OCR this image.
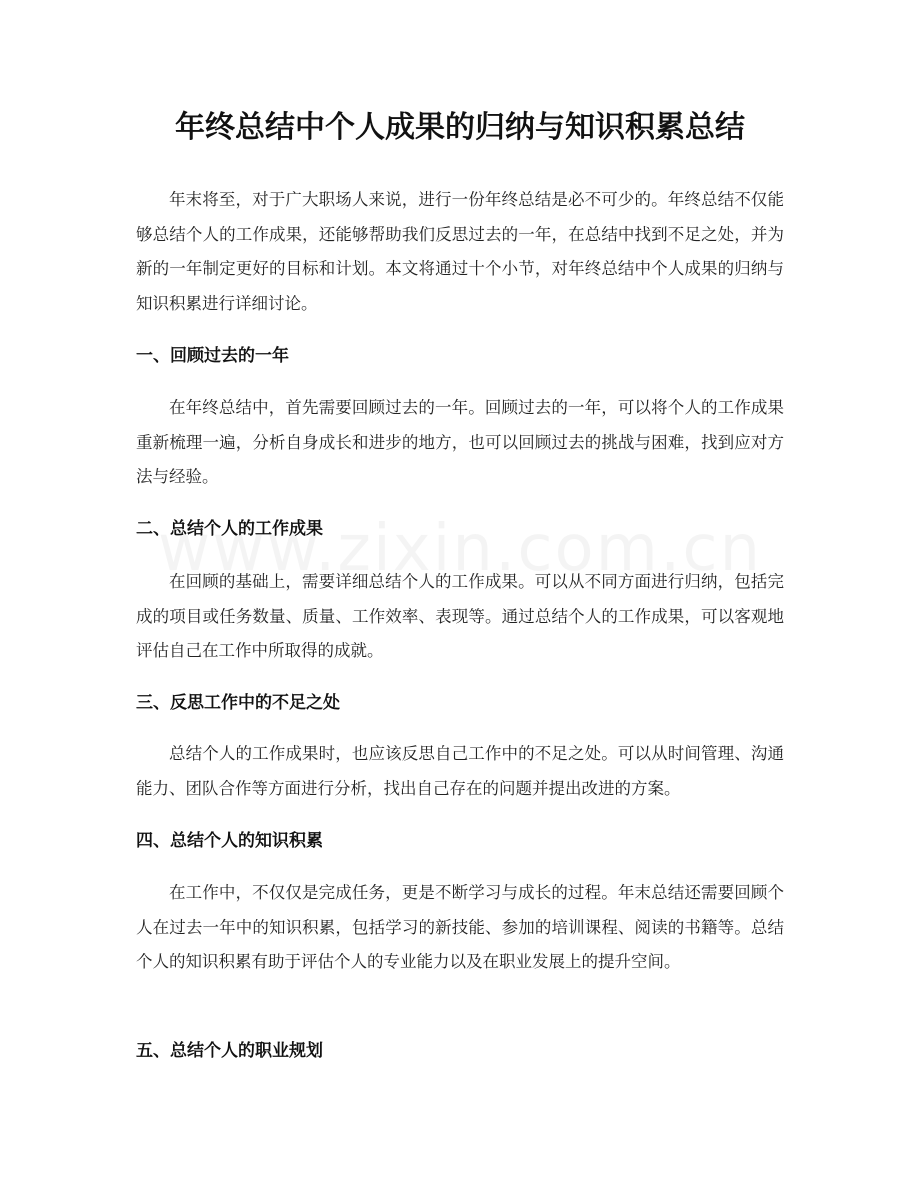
年终总结中个人成果的归纳与知识积累总结

年末将至，对于广大职场人来说，进行一份年终总结是必不可少的。年终总结不仅能够总结个人的工作成果，还能够帮助我们反思过去的一年，在总结中找到不足之处，并为新的一年制定更好的目标和计划。本文将通过十个小节，对年终总结中个人成果的归纳与知识积累进行详细讨论。

一、回顾过去的一年

在年终总结中，首先需要回顾过去的一年。回顾过去的一年，可以将个人的工作成果重新梳理一遍，分析自身成长和进步的地方，也可以回顾过去的挑战与困难，找到应对方法与经验。

二、总结个人的工作成果

在回顾的基础上，需要详细总结个人的工作成果。可以从不同方面进行归纳，包括完成的项目或任务数量、质量、工作效率、表现等。通过总结个人的工作成果，可以客观地评估自己在工作中所取得的成就。

三、反思工作中的不足之处

总结个人的工作成果时，也应该反思自己工作中的不足之处。可以从时间管理、沟通能力、团队合作等方面进行分析，找出自己存在的问题并提出改进的方案。

四、总结个人的知识积累

在工作中，不仅仅是完成任务，更是不断学习与成长的过程。年末总结还需要回顾个人在过去一年中的知识积累，包括学习的新技能、参加的培训课程、阅读的书籍等。总结个人的知识积累有助于评估个人的专业能力以及在职业发展上的提升空间。

五、总结个人的职业规划
